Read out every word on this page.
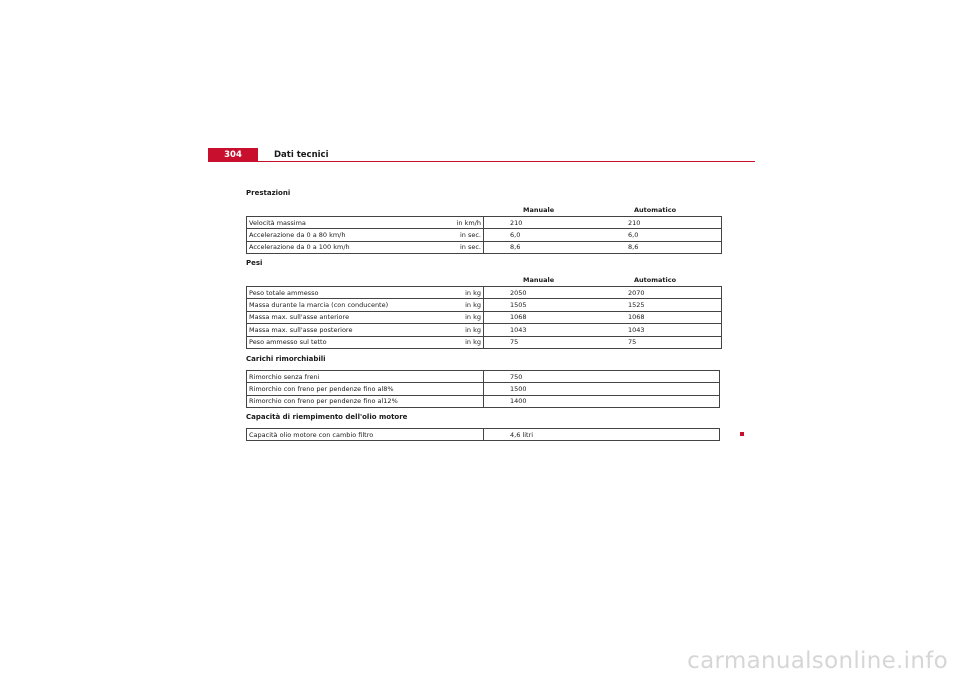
304	Dati tecnici
Prestazioni
Manuale	Automatico
Velocità massima	in km/h	210	210
Accelerazione da 0 a 80 km/h	in sec.	6,0	6,0
Accelerazione da 0 a 100 km/h	in sec.	8,6	8,6
Pesi
Manuale	Automatico
Peso totale ammesso	in kg	2050	2070
Massa durante la marcia (con conducente)	in kg	1505	1525
Massa max. sull'asse anteriore	in kg	1068	1068
Massa max. sull'asse posteriore	in kg	1043	1043
Peso ammesso sul tetto	in kg	75	75
Carichi rimorchiabili
Rimorchio senza freni	750
Rimorchio con freno per pendenze fino al8%	1500
Rimorchio con freno per pendenze fino al12%	1400
Capacità di riempimento dell'olio motore
Capacità olio motore con cambio filtro	4,6 litri
carmanualsonline.info
